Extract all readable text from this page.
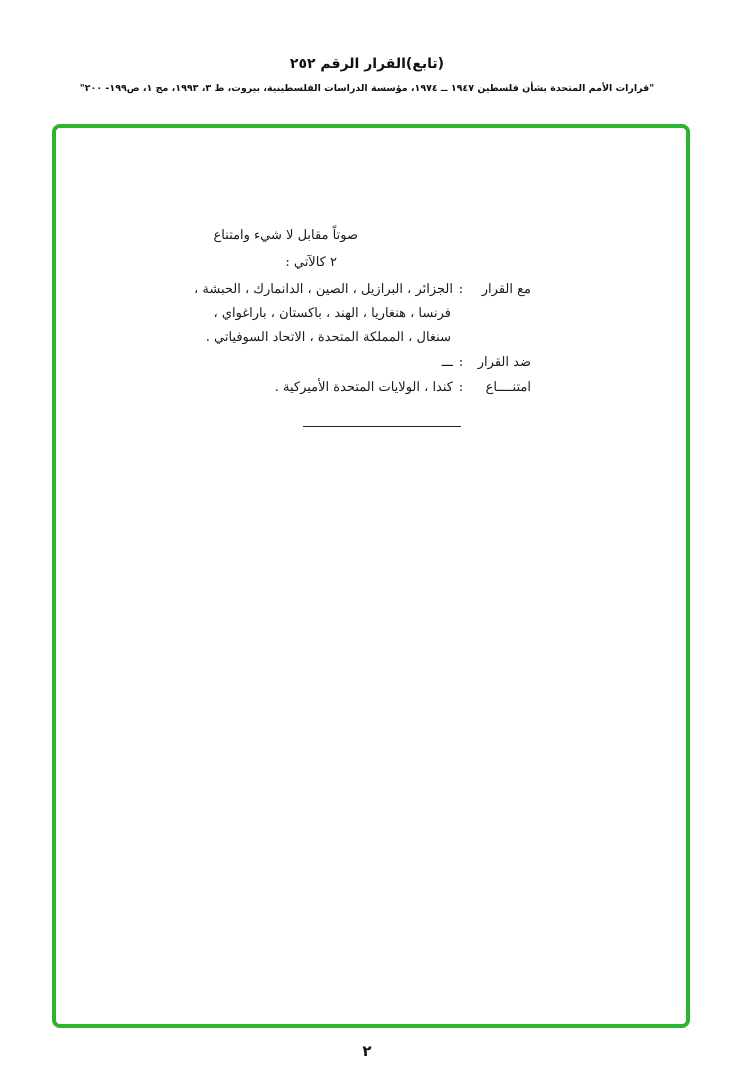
(تابع)القرار الرقم ٢٥٢
"قرارات الأمم المتحدة بشأن فلسطين ١٩٤٧ ــ ١٩٧٤، مؤسسة الدراسات الفلسطينية، بيروت، ط ٣، ١٩٩٣، مج ١، ص١٩٩- ٢٠٠"
صوتاً مقابل لا شيء وامتناع
٢ كالآتي :
مع القرار:الجزائر ، البرازيل ، الصين ، الدانمارك ، الحبشة ،
فرنسا ، هنغاريا ، الهند ، باكستان ، باراغواي ،
سنغال ، المملكة المتحدة ، الاتحاد السوفياتي .
ضد القرار:ـــ
امتنــــاع:كندا ، الولايات المتحدة الأميركية .
٢
